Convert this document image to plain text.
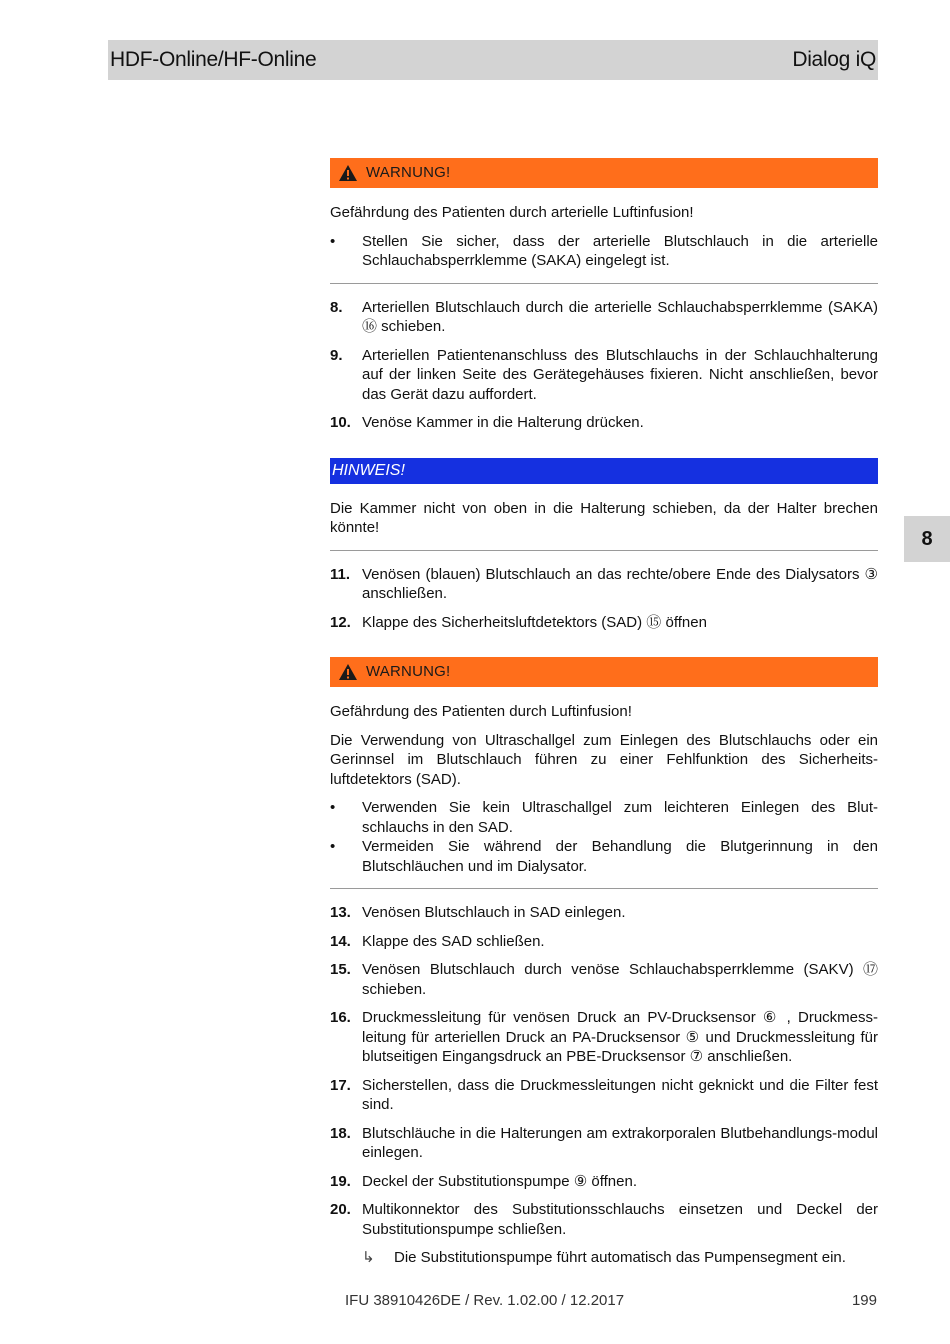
HDF-Online/HF-Online	Dialog iQ
8
WARNUNG!

Gefährdung des Patienten durch arterielle Luftinfusion!

•	Stellen Sie sicher, dass der arterielle Blutschlauch in die arterielle Schlauchabsperrklemme (SAKA) eingelegt ist.
8.	Arteriellen Blutschlauch durch die arterielle Schlauchabsperrklemme (SAKA) ⑯ schieben.
9.	Arteriellen Patientenanschluss des Blutschlauchs in der Schlauchhalterung auf der linken Seite des Gerätegehäuses fixieren. Nicht anschließen, bevor das Gerät dazu auffordert.
10. Venöse Kammer in die Halterung drücken.
HINWEIS!

Die Kammer nicht von oben in die Halterung schieben, da der Halter brechen könnte!

11. Venösen (blauen) Blutschlauch an das rechte/obere Ende des Dialysators ③ anschließen.
12. Klappe des Sicherheitsluftdetektors (SAD) ⑮ öffnen
WARNUNG!

Gefährdung des Patienten durch Luftinfusion!

Die Verwendung von Ultraschallgel zum Einlegen des Blutschlauchs oder ein Gerinnsel im Blutschlauch führen zu einer Fehlfunktion des Sicherheits-luftdetektors (SAD).

•	Verwenden Sie kein Ultraschallgel zum leichteren Einlegen des Blut-schlauchs in den SAD.
•	Vermeiden Sie während der Behandlung die Blutgerinnung in den Blutschläuchen und im Dialysator.
13. Venösen Blutschlauch in SAD einlegen.
14. Klappe des SAD schließen.
15. Venösen Blutschlauch durch venöse Schlauchabsperrklemme (SAKV) ⑰ schieben.
16. Druckmessleitung für venösen Druck an PV-Drucksensor ⑥ , Druckmess-leitung für arteriellen Druck an PA-Drucksensor ⑤ und Druckmessleitung für blutseitigen Eingangsdruck an PBE-Drucksensor ⑦ anschließen.
17. Sicherstellen, dass die Druckmessleitungen nicht geknickt und die Filter fest sind.
18. Blutschläuche in die Halterungen am extrakorporalen Blutbehandlungs-modul einlegen.
19. Deckel der Substitutionspumpe ⑨ öffnen.
20. Multikonnektor des Substitutionsschlauchs einsetzen und Deckel der Substitutionspumpe schließen.
↳	Die Substitutionspumpe führt automatisch das Pumpensegment ein.
IFU 38910426DE / Rev. 1.02.00 / 12.2017	199
